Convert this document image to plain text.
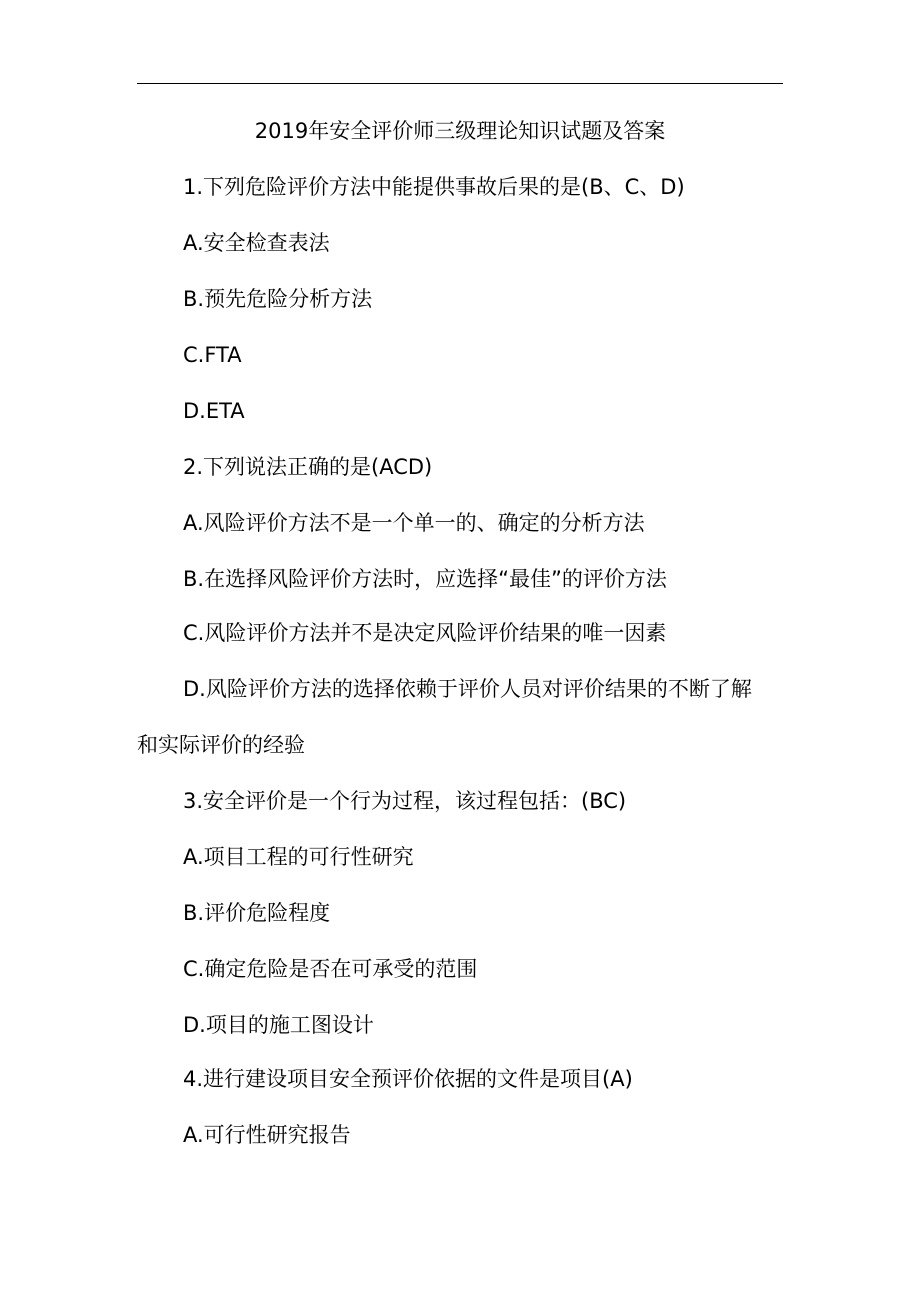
2019年安全评价师三级理论知识试题及答案
1.下列危险评价方法中能提供事故后果的是(B、C、D)
A.安全检查表法
B.预先危险分析方法
C.FTA
D.ETA
2.下列说法正确的是(ACD)
A.风险评价方法不是一个单一的、确定的分析方法
B.在选择风险评价方法时，应选择“最佳”的评价方法
C.风险评价方法并不是决定风险评价结果的唯一因素
D.风险评价方法的选择依赖于评价人员对评价结果的不断了解
和实际评价的经验
3.安全评价是一个行为过程，该过程包括：(BC)
A.项目工程的可行性研究
B.评价危险程度
C.确定危险是否在可承受的范围
D.项目的施工图设计
4.进行建设项目安全预评价依据的文件是项目(A)
A.可行性研究报告
